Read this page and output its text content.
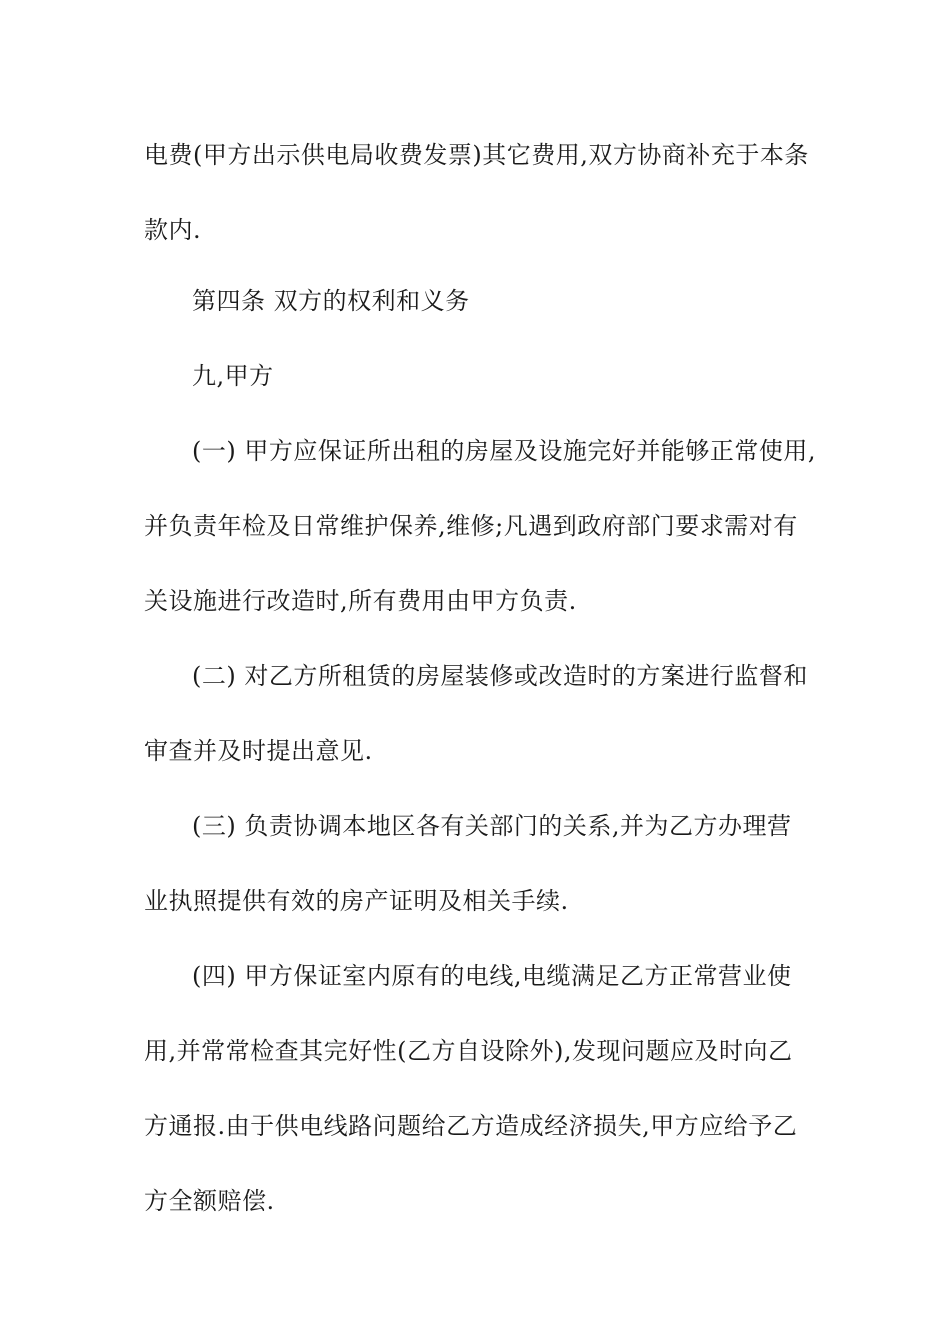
电费(甲方出示供电局收费发票)其它费用,双方协商补充于本条
款内.
第四条 双方的权利和义务
九,甲方
(一) 甲方应保证所出租的房屋及设施完好并能够正常使用,
并负责年检及日常维护保养,维修;凡遇到政府部门要求需对有
关设施进行改造时,所有费用由甲方负责.
(二) 对乙方所租赁的房屋装修或改造时的方案进行监督和
审查并及时提出意见.
(三) 负责协调本地区各有关部门的关系,并为乙方办理营
业执照提供有效的房产证明及相关手续.
(四) 甲方保证室内原有的电线,电缆满足乙方正常营业使
用,并常常检查其完好性(乙方自设除外),发现问题应及时向乙
方通报.由于供电线路问题给乙方造成经济损失,甲方应给予乙
方全额赔偿.
